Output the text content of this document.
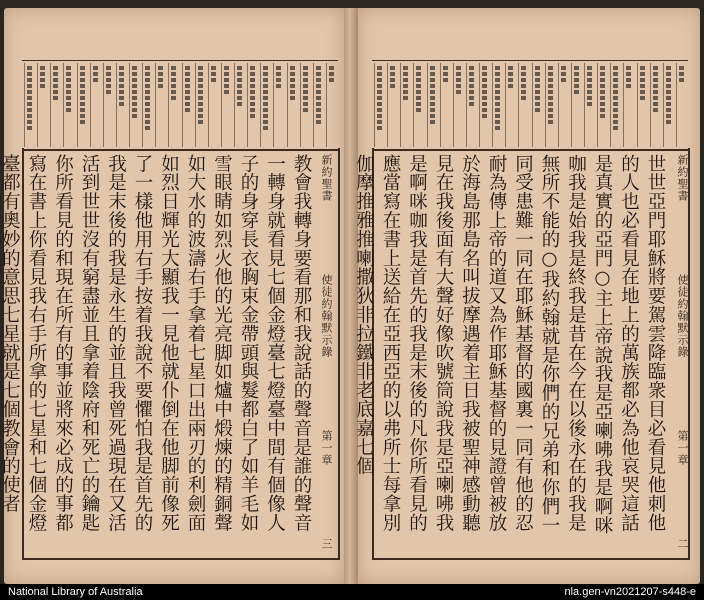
新約聖書
使徒約翰默示錄
第一章
三

教會我轉身要看那和我說話的聲音是誰的聲音一轉身就看見七個金燈臺七燈臺中間有個像人子的身穿長衣胸束金帶頭與髮都白了如羊毛如雪眼睛如烈火他的光亮脚如爐中煅煉的精銅聲如大水的波濤右手拿着七星口出兩刃的利劍面如烈日輝光大顯我一見他就仆倒在他脚前像死了一樣他用右手按着我說不要懼怕我是首先的我是末後的我是永生的並且我曾死過現在又活活到世世沒有窮盡並且拿着陰府和死亡的鑰匙你所看見的和現在所有的事並將來必成的事都寫在書上你看見我右手所拿的七星和七個金燈臺都有奧妙的意思七星就是七個教會的使者	新約聖書
使徒約翰默示錄
第一章
二

世世亞門耶穌將要駕雲降臨衆目必看見他刺他的人也必看見在地上的萬族都必為他哀哭這話是真實的亞門○主上帝說我是亞喇咈我是啊咪咖我是始我是終我是昔在今在以後永在的我是無所不能的○我約翰就是你們的兄弟和你們一同受患難一同在耶穌基督的國裏一同有他的忍耐為傳上帝的道又為作耶穌基督的見證曾被放於海島那島名叫拔摩遇着主日我被聖神感動聽見在我後面有大聲好像吹號筒說我是亞喇咈我是啊咪咖我是首先的我是末後的凡你所看見的應當寫在書上送給在亞西亞的以弗所士每拿別伽摩推雅推喇撒狄非拉鐵非老底嘉七個

National Library of Australia	nla.gen-vn2021207-s448-e
